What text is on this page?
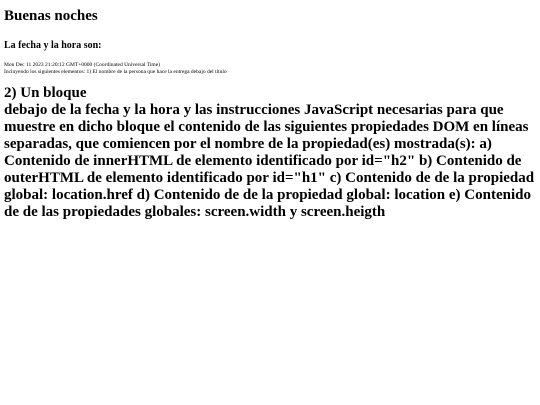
Buenas noches
La fecha y la hora son:

Mon Dec 11 2023 21:20:12 GMT+0000 (Coordinated Universal Time)

Incluyendo los siguientes elementos: 1) El nombre de la persona que hace la entrega debajo del título

2) Un bloque
debajo de la fecha y la hora y las instrucciones JavaScript necesarias para que muestre en dicho bloque el contenido de las siguientes propiedades DOM en líneas separadas, que comiencen por el nombre de la propiedad(es) mostrada(s): a) Contenido de innerHTML de elemento identificado por id="h2" b) Contenido de outerHTML de elemento identificado por id="h1" c) Contenido de de la propiedad global: location.href d) Contenido de de la propiedad global: location e) Contenido de de las propiedades globales: screen.width y screen.heigth
